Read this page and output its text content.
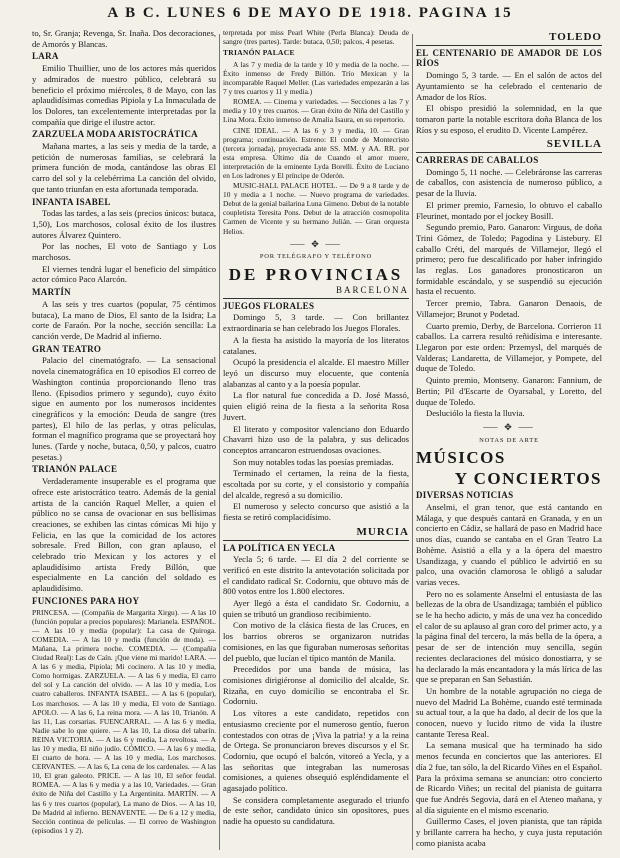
A B C. LUNES 6 DE MAYO DE 1918. PAGINA 15

to, Sr. Granja; Revenga, Sr. Inaña. Dos decoraciones, de Amorós y Blancas.

LARA

Emilio Thuillier, uno de los actores más queridos y admirados de nuestro público, celebrará su beneficio el próximo miércoles, 8 de Mayo, con las aplaudidísimas comedias Pipiola y La Inmaculada de los Dolores, tan excelentemente interpretadas por la compañía que dirige el ilustre actor.

ZARZUELA MODA ARISTOCRÁTICA

Mañana martes, a las seis y media de la tarde, a petición de numerosas familias, se celebrará la primera función de moda, cantándose las obras El carro del sol y la celebérrima La canción del olvido, que tanto triunfan en esta afortunada temporada.

INFANTA ISABEL

Todas las tardes, a las seis (precios únicos: butaca, 1,50), Los marchosos, colosal éxito de los ilustres autores Álvarez Quintero.

Por las noches, El voto de Santiago y Los marchosos.

El viernes tendrá lugar el beneficio del simpático actor cómico Paco Alarcón.

MARTÍN

A las seis y tres cuartos (popular, 75 céntimos butaca), La mano de Dios, El santo de la Isidra; La corte de Faraón. Por la noche, sección sencilla: La canción verde, De Madrid al infierno.

GRAN TEATRO

Palacio del cinematógrafo. — La sensacional novela cinematográfica en 10 episodios El correo de Washington continúa proporcionando lleno tras lleno. (Episodios primero y segundo), cuyo éxito sigue en aumento por los numerosos incidentes cinegráficos y la emoción: Deuda de sangre (tres partes), El hilo de las perlas, y otras películas, forman el magnífico programa que se proyectará hoy lunes. (Tarde y noche, butaca, 0,50, y palcos, cuatro pesetas.)

TRIANÓN PALACE

Verdaderamente insuperable es el programa que ofrece este aristocrático teatro. Además de la genial artista de la canción Raquel Meller, a quien el público no se cansa de ovacionar en sus bellísimas creaciones, se exhiben las cintas cómicas Mi hijo y Felicia, en las que la comicidad de los actores sobresale. Fred Billon, con gran aplauso, el celebrado trío Mexican y los actores y el aplaudidísimo artista Fredy Billón, que especialmente en La canción del soldado es aplaudidísimo.

FUNCIONES PARA HOY

PRINCESA. — (Compañía de Margarita Xirgu). — A las 10 (función popular a precios populares): Marianela. ESPAÑOL. — A las 10 y media (popular): La casa de Quiroga. COMEDIA. — A las 10 y media (función de moda). — Mañana, La primera noche. COMEDIA. — (Compañía Ciudad Real): Las de Caín. ¡Que viene mi marido! LARA. — A las 6 y media, Pipiola; Mi cocinero. A las 10 y media, Como hormigas. ZARZUELA. — A las 6 y media, El carro del sol y La canción del olvido. — A las 10 y media, Los cuatro caballeros. INFANTA ISABEL. — A las 6 (popular), Los marchosos. — A las 10 y media, El voto de Santiago. APOLO. — A las 6, La reina mora. — A las 10, Trianón. A las 11, Las corsarias. FUENCARRAL. — A las 6 y media, Nadie sabe lo que quiere. — A las 10, La diosa del tabarín. REINA VICTORIA. — A las 6 y media, La revoltosa. — A las 10 y media, El niño judío. CÓMICO. — A las 6 y media, El cuarto de hora. — A las 10 y media, Los marchosos. CERVANTES. — A las 6, La cena de los cardenales. — A las 10, El gran galeoto. PRICE. — A las 10, El señor feudal. ROMEA. — A las 6 y media y a las 10, Variedades. — Gran éxito de Niña del Castillo y La Argentinita. MARTÍN. — A las 6 y tres cuartos (popular), La mano de Dios. — A las 10, De Madrid al infierno. BENAVENTE. — De 6 a 12 y media, Sección continua de películas. — El correo de Washington (episodios 1 y 2).

terpretada por miss Pearl White (Perla Blanca): Deuda de sangre (tres partes). Tarde: butaca, 0,50; palcos, 4 pesetas.

TRIANÓN PALACE

A las 7 y media de la tarde y 10 y media de la noche. — Éxito inmenso de Fredy Billón. Trío Mexican y la incomparable Raquel Meller. (Las variedades empezarán a las 7 y tres cuartos y 11 y media.)

ROMEA. — Cinema y variedades. — Secciones a las 7 y media y 10 y tres cuartos. — Gran éxito de Niña del Castillo y Lina Mora. Éxito inmenso de Amalia Isaura, en su repertorio.

CINE IDEAL. — A las 6 y 3 y media, 10. — Gran programa; continuación. Estreno: El conde de Montecristo (tercera jornada), proyectada ante SS. MM. y AA. RR. por esta empresa. Último día de Cuando el amor muere, interpretación de la eminente Lyda Borelli. Éxito de Luciano en Los ladrones y El príncipe de Oderón.

MUSIC-HALL PALACE HOTEL. — De 9 a 8 tarde y de 10 y media a 1 noche. — Nuevo programa de variedades. Debut de la genial bailarina Luna Gimeno. Debut de la notable coupletista Teresita Pons. Debut de la atracción cosmopolita Carmen de Vicente y su hermano Julián. — Gran orquesta Helios.

⸺ ✥ ⸺
POR TELÉGRAFO Y TELÉFONO
DE PROVINCIAS
BARCELONA
JUEGOS FLORALES

Domingo 5, 3 tarde. — Con brillantez extraordinaria se han celebrado los Juegos Florales.

A la fiesta ha asistido la mayoría de los literatos catalanes.

Ocupó la presidencia el alcalde. El maestro Miller leyó un discurso muy elocuente, que contenía alabanzas al canto y a la poesía popular.

La flor natural fue concedida a D. José Massó, quien eligió reina de la fiesta a la señorita Rosa Juvert.

El literato y compositor valenciano don Eduardo Chavarri hizo uso de la palabra, y sus delicados conceptos arrancaron estruendosas ovaciones.

Son muy notables todas las poesías premiadas.

Terminado el certamen, la reina de la fiesta, escoltada por su corte, y el consistorio y compañía del alcalde, regresó a su domicilio.

El numeroso y selecto concurso que asistió a la fiesta se retiró complacidísimo.

MURCIA
LA POLÍTICA EN YECLA

Yecla 5; 6 tarde. — El día 2 del corriente se verificó en este distrito la antevotación solicitada por el candidato radical Sr. Codorniu, que obtuvo más de 800 votos entre los 1.800 electores.

Ayer llegó a ésta el candidato Sr. Codorniu, a quien se tributó un grandioso recibimiento.

Con motivo de la clásica fiesta de las Cruces, en los barrios obreros se organizaron nutridas comisiones, en las que figuraban numerosas señoritas del pueblo, que lucían el típico mantón de Manila.

Precedidos por una banda de música, las comisiones dirigiéronse al domicilio del alcalde, Sr. Rizaña, en cuyo domicilio se encontraba el Sr. Codorniu.

Los vítores a este candidato, repetidos con entusiasmo creciente por el numeroso gentío, fueron contestados con otras de ¡Viva la patria! y a la reina de Ortega. Se pronunciaron breves discursos y el Sr. Codorniu, que ocupó el balcón, vitoreó a Yecla, y a las señoritas que integraban las numerosas comisiones, a quienes obsequió espléndidamente el agasajado político.

Se considera completamente asegurado el triunfo de este señor, candidato único sin opositores, pues nadie ha opuesto su candidatura.

TOLEDO
EL CENTENARIO DE AMADOR DE LOS RÍOS

Domingo 5, 3 tarde. — En el salón de actos del Ayuntamiento se ha celebrado el centenario de Amador de los Ríos.

El obispo presidió la solemnidad, en la que tomaron parte la notable escritora doña Blanca de los Ríos y su esposo, el erudito D. Vicente Lampérez.

SEVILLA
CARRERAS DE CABALLOS

Domingo 5, 11 noche. — Celebráronse las carreras de caballos, con asistencia de numeroso público, a pesar de la lluvia.

El primer premio, Farnesio, lo obtuvo el caballo Fleurinet, montado por el jockey Bosill.

Segundo premio, Paro. Ganaron: Virguus, de doña Trini Gómez, de Toledo; Pagodina y Listebury. El caballo Créti, del marqués de Villamejor, llegó el primero; pero fue descalificado por haber infringido las reglas. Los ganadores pronosticaron un formidable escándalo, y se suspendió su ejecución hasta el recuento.

Tercer premio, Tabra. Ganaron Denaois, de Villamejor; Brunot y Podetad.

Cuarto premio, Derby, de Barcelona. Corrieron 11 caballos. La carrera resultó reñidísima e interesante. Llegaron por este orden: Przemysl, del marqués de Valderas; Landaretta, de Villamejor, y Pompete, del duque de Toledo.

Quinto premio, Montseny. Ganaron: Fannium, de Bertin; Pil d'Escarte de Oyarsabal, y Loretto, del duque de Toledo.

Desluciólo la fiesta la lluvia.

⸺ ✥ ⸺
NOTAS DE ARTE
MÚSICOS
Y CONCIERTOS
DIVERSAS NOTICIAS

Anselmi, el gran tenor, que está cantando en Málaga, y que después cantará en Granada, y en un concierto en Cádiz, se hallará de paso en Madrid hace unos días, cuando se cantaba en el Gran Teatro La Bohème. Asistió a ella y a la ópera del maestro Usandizaga, y cuando el público le advirtió en su palco, una ovación clamorosa le obligó a saludar varias veces.

Pero no es solamente Anselmi el entusiasta de las bellezas de la obra de Usandizaga; también el público se le ha hecho adicto, y más de una vez ha concedido el calor de su aplauso al gran coro del primer acto, y a la página final del tercero, la más bella de la ópera, a pesar de ser de intención muy sencilla, según recientes declaraciones del músico donostiarra, y se ha declarado la más encantadora y la más lírica de las que se preparan en San Sebastián.

Un hombre de la notable agrupación no ciega de nuevo del Madrid La Bohème, cuando esté terminada su actual tour, a la que ha dado, al decir de los que la conocen, nuevo y lucido ritmo de vida la ilustre cantante Teresa Real.

La semana musical que ha terminado ha sido menos fecunda en conciertos que las anteriores. El día 2 fue, tan sólo, la del Ricardo Viñes en el Español. Para la próxima semana se anuncian: otro concierto de Ricardo Viñes; un recital del pianista de guitarra que fue Andrés Segovia, dará en el Ateneo mañana, y al día siguiente en el mismo escenario.

Guillermo Cases, el joven pianista, que tan rápida y brillante carrera ha hecho, y cuya justa reputación como pianista acaba
